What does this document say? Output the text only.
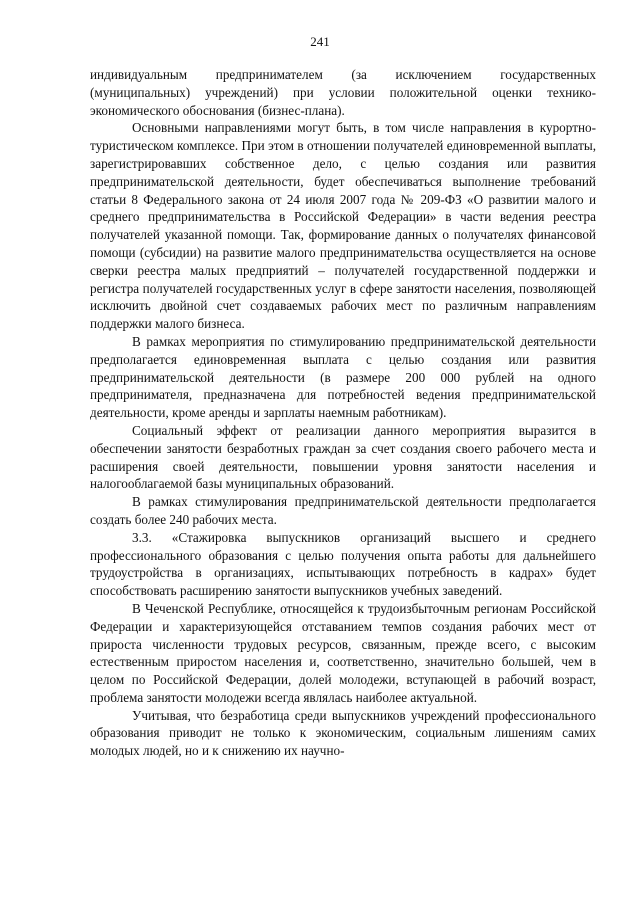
241

индивидуальным предпринимателем (за исключением государственных (муниципальных) учреждений) при условии положительной оценки технико-экономического обоснования (бизнес-плана).

Основными направлениями могут быть, в том числе направления в курортно-туристическом комплексе. При этом в отношении получателей единовременной выплаты, зарегистрировавших собственное дело, с целью создания или развития предпринимательской деятельности, будет обеспечиваться выполнение требований статьи 8 Федерального закона от 24 июля 2007 года № 209-ФЗ «О развитии малого и среднего предпринимательства в Российской Федерации» в части ведения реестра получателей указанной помощи. Так, формирование данных о получателях финансовой помощи (субсидии) на развитие малого предпринимательства осуществляется на основе сверки реестра малых предприятий – получателей государственной поддержки и регистра получателей государственных услуг в сфере занятости населения, позволяющей исключить двойной счет создаваемых рабочих мест по различным направлениям поддержки малого бизнеса.

В рамках мероприятия по стимулированию предпринимательской деятельности предполагается единовременная выплата с целью создания или развития предпринимательской деятельности (в размере 200 000 рублей на одного предпринимателя, предназначена для потребностей ведения предпринимательской деятельности, кроме аренды и зарплаты наемным работникам).

Социальный эффект от реализации данного мероприятия выразится в обеспечении занятости безработных граждан за счет создания своего рабочего места и расширения своей деятельности, повышении уровня занятости населения и налогооблагаемой базы муниципальных образований.

В рамках стимулирования предпринимательской деятельности предполагается создать более 240 рабочих места.

3.3. «Стажировка выпускников организаций высшего и среднего профессионального образования с целью получения опыта работы для дальнейшего трудоустройства в организациях, испытывающих потребность в кадрах» будет способствовать расширению занятости выпускников учебных заведений.

В Чеченской Республике, относящейся к трудоизбыточным регионам Российской Федерации и характеризующейся отставанием темпов создания рабочих мест от прироста численности трудовых ресурсов, связанным, прежде всего, с высоким естественным приростом населения и, соответственно, значительно большей, чем в целом по Российской Федерации, долей молодежи, вступающей в рабочий возраст, проблема занятости молодежи всегда являлась наиболее актуальной.

Учитывая, что безработица среди выпускников учреждений профессионального образования приводит не только к экономическим, социальным лишениям самих молодых людей, но и к снижению их научно-
